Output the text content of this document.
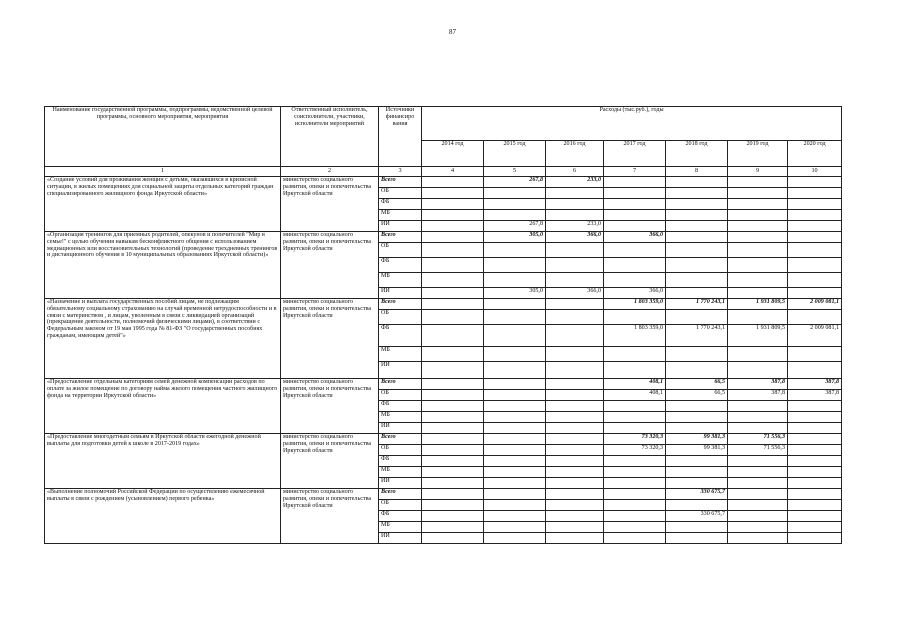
87
Наименование государственной программы, подпрограммы, ведомственной целевой программы, основного мероприятия, мероприятия	Ответственный исполнитель, соисполнители, участники, исполнители мероприятий	Источники финансиро вания	Расходы (тыс.руб.), годы						
			2014 год	2015 год	2016 год	2017 год	2018 год	2019 год	2020 год
1	2	3	4	5	6	7	8	9	10
«Создание условий для проживания женщин с детьми, оказавшихся в кризисной ситуации, в жилых помещениях для социальной защиты отдельных категорий граждан специализированного жилищного фонда Иркутской области»	министерство социального развития, опеки и попечительства Иркутской области	Всего		267,8	233,0				
		ОБ							
		ФБ							
		МБ							
		ИИ		267,8	233,0				
«Организация тренингов для приемных родителей, опекунов и попечителей "Мир в семье!" с целью обучения навыкам бесконфликтного общения с использованием медиационных или восстановительных технологий (проведение трехдневных тренингов и дистанционного обучения в 10 муниципальных образованиях Иркутской области)»	министерство социального развития, опеки и попечительства Иркутской области	Всего		305,0	366,0	366,0			
		ОБ							
		ФБ							
		МБ							
		ИИ		305,0	366,0	366,0			
«Назначение и выплата государственных пособий лицам, не подлежащим обязательному социальному страхованию на случай временной нетрудоспособности и в связи с материнством , и лицам, уволенным в связи с ликвидацией организаций (прекращение деятельности, полномочий физическими лицами), в соответствии с Федеральным законом от 19 мая 1995 года № 81-ФЗ "О государственных пособиях гражданам, имеющим детей"»	министерство социального развития, опеки и попечительства Иркутской области	Всего				1 803 359,0	1 770 243,1	1 931 809,5	2 009 081,1
		ОБ							
		ФБ				1 803 359,0	1 770 243,1	1 931 809,5	2 009 081,1
		МБ							
		ИИ							
«Предоставление отдельным категориям семей денежной компенсации расходов по оплате за жилое помещение по договору найма жилого помещения частного жилищного фонда на территории Иркутской области»	министерство социального развития, опеки и попечительства Иркутской области	Всего				408,1	66,5	387,8	387,8
		ОБ				408,1	66,5	387,8	387,8
		ФБ							
		МБ							
		ИИ							
«Предоставление многодетным семьям в Иркутской области ежегодной денежной выплаты для подготовки детей к школе в 2017-2019 годах»	министерство социального развития, опеки и попечительства Иркутской области	Всего				73 320,3	99 381,3	71 556,3	
		ОБ				73 320,3	99 381,3	71 556,3	
		ФБ							
		МБ							
		ИИ							
«Выполнение полномочий Российской Федерации по осуществлению ежемесячной выплаты в связи с рождением (усыновлением) первого ребенка»	министерство социального развития, опеки и попечительства Иркутской области	Всего					330 675,7		
		ОБ							
		ФБ					330 675,7		
		МБ							
		ИИ							
